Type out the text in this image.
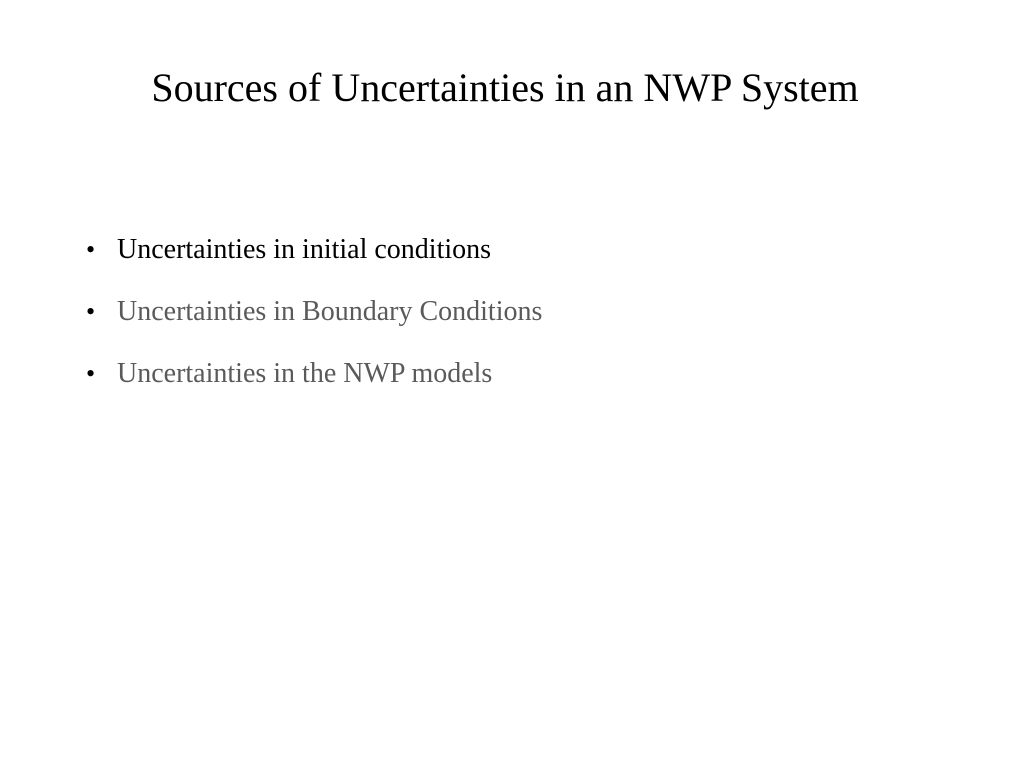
Sources of Uncertainties in an NWP System
• Uncertainties in initial conditions
• Uncertainties in Boundary Conditions
• Uncertainties in the NWP models
